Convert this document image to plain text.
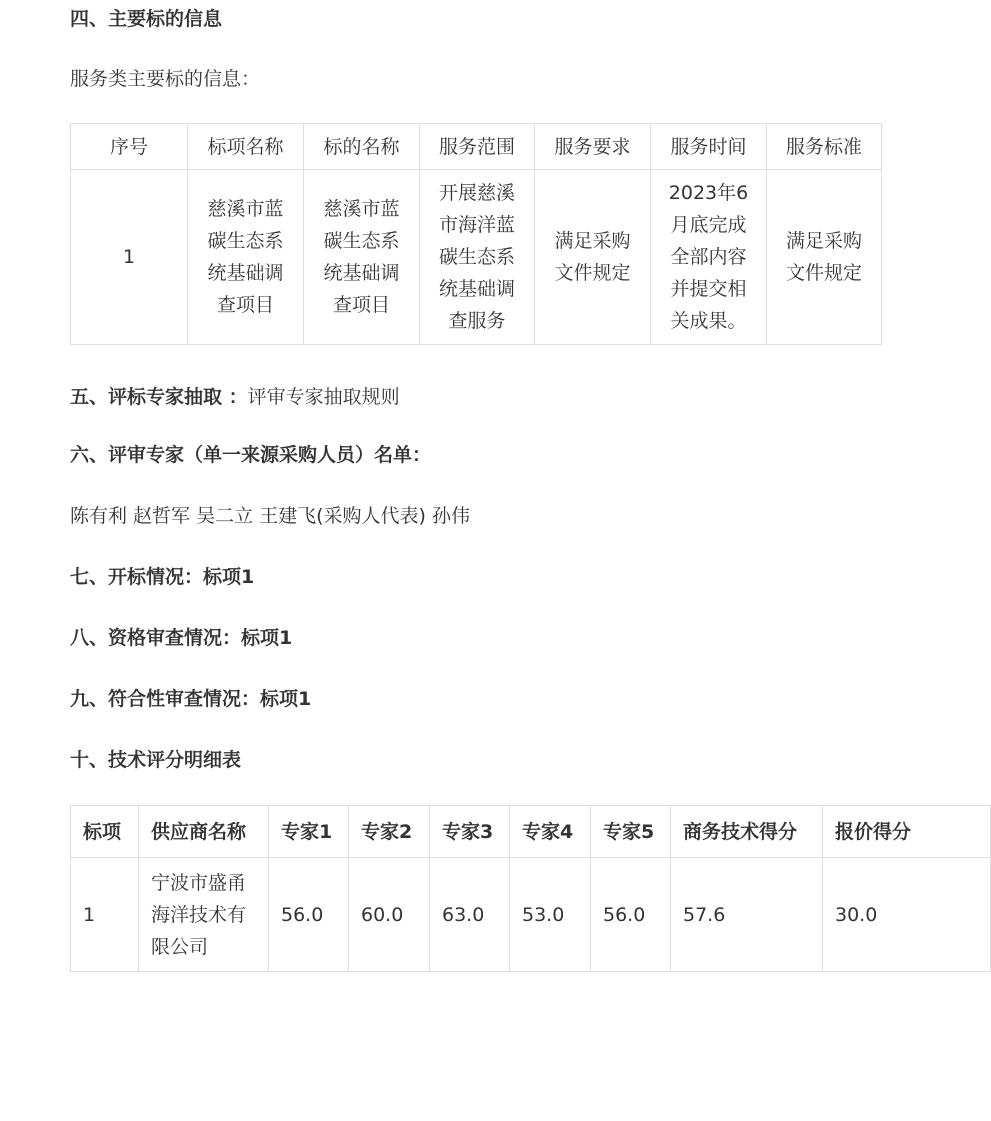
四、主要标的信息

服务类主要标的信息：

序号	标项名称	标的名称	服务范围	服务要求	服务时间	服务标准
1	慈溪市蓝碳生态系统基础调查项目	慈溪市蓝碳生态系统基础调查项目	开展慈溪市海洋蓝碳生态系统基础调查服务	满足采购文件规定	2023年6月底完成全部内容并提交相关成果。	满足采购文件规定

五、评标专家抽取 ：评审专家抽取规则

六、评审专家（单一来源采购人员）名单：

陈有利 赵哲军 吴二立 王建飞(采购人代表) 孙伟

七、开标情况：标项1
八、资格审查情况：标项1
九、符合性审查情况：标项1
十、技术评分明细表
标项	供应商名称	专家1	专家2	专家3	专家4	专家5	商务技术得分	报价得分
1	宁波市盛甬海洋技术有限公司	56.0	60.0	63.0	53.0	56.0	57.6	30.0
